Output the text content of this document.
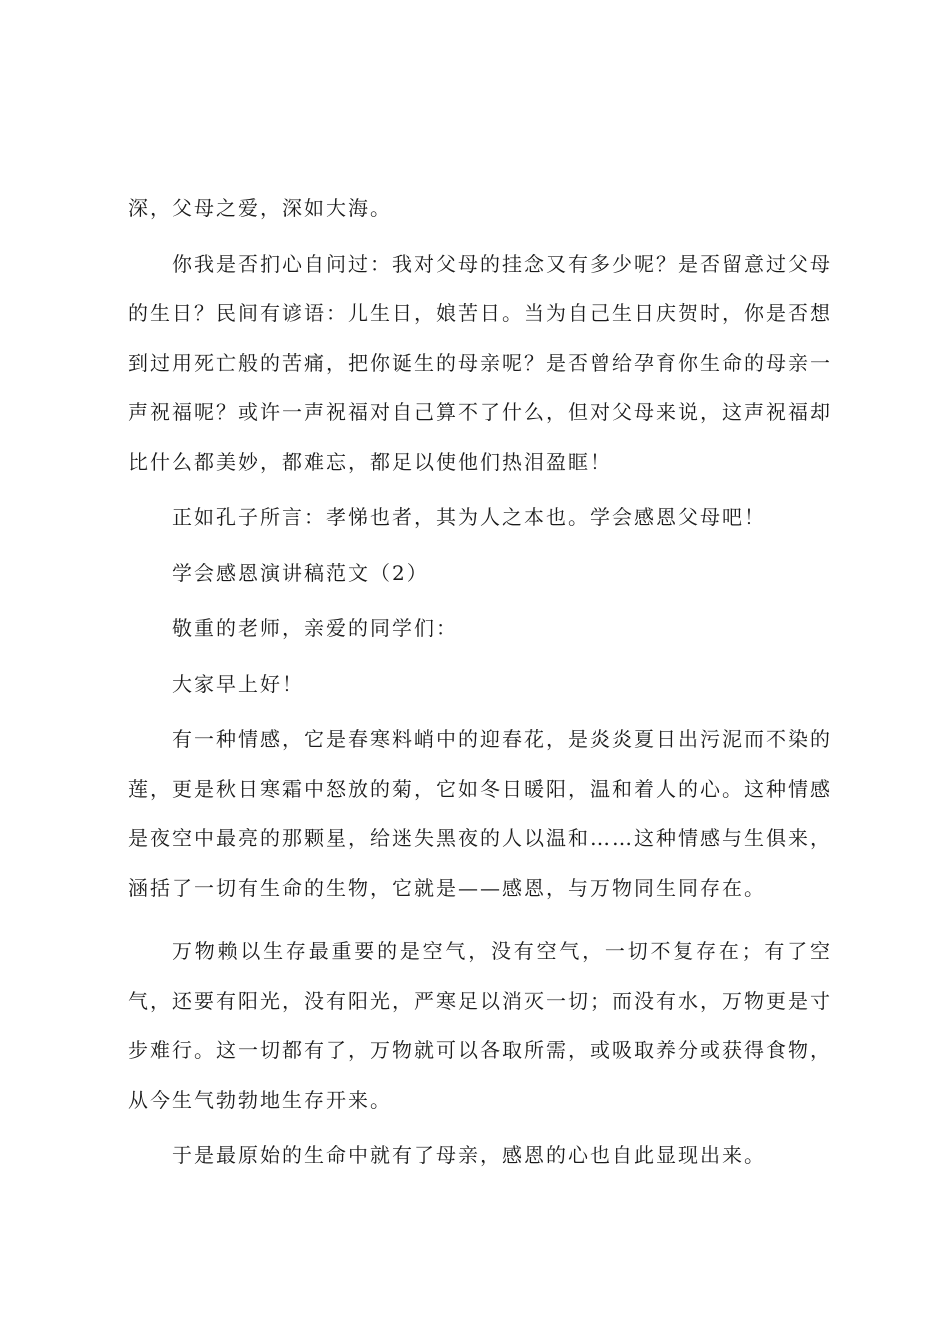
深，父母之爱，深如大海。

你我是否扪心自问过：我对父母的挂念又有多少呢？是否留意过父母的生日？民间有谚语：儿生日，娘苦日。当为自己生日庆贺时，你是否想到过用死亡般的苦痛，把你诞生的母亲呢？是否曾给孕育你生命的母亲一声祝福呢？或许一声祝福对自己算不了什么，但对父母来说，这声祝福却比什么都美妙，都难忘，都足以使他们热泪盈眶！

正如孔子所言：孝悌也者，其为人之本也。学会感恩父母吧！

学会感恩演讲稿范文（2）

敬重的老师，亲爱的同学们：

大家早上好！

有一种情感，它是春寒料峭中的迎春花，是炎炎夏日出污泥而不染的莲，更是秋日寒霜中怒放的菊，它如冬日暖阳，温和着人的心。这种情感是夜空中最亮的那颗星，给迷失黑夜的人以温和……这种情感与生俱来，涵括了一切有生命的生物，它就是——感恩，与万物同生同存在。

万物赖以生存最重要的是空气，没有空气，一切不复存在；有了空气，还要有阳光，没有阳光，严寒足以消灭一切；而没有水，万物更是寸步难行。这一切都有了，万物就可以各取所需，或吸取养分或获得食物，从今生气勃勃地生存开来。

于是最原始的生命中就有了母亲，感恩的心也自此显现出来。
